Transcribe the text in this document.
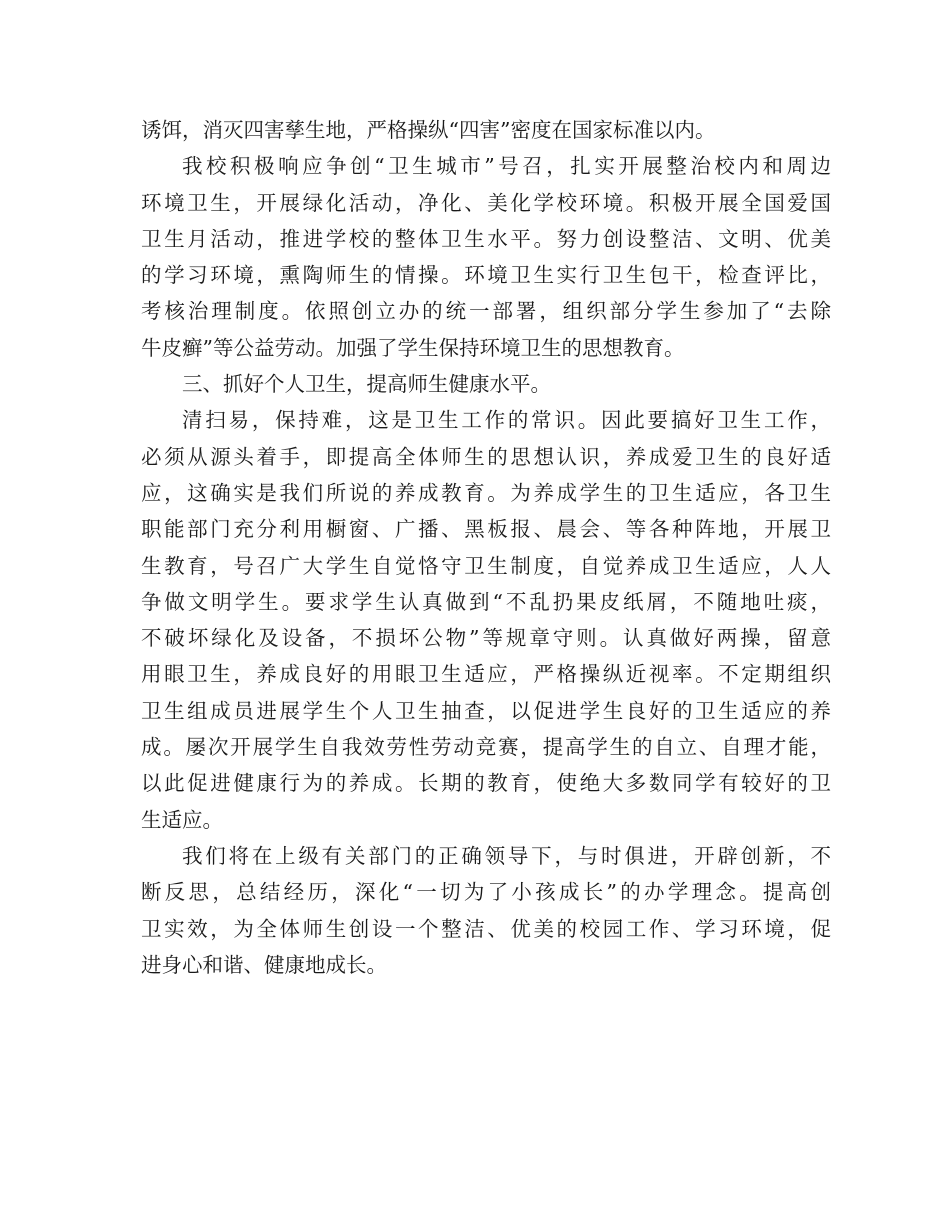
诱饵，消灭四害孳生地，严格操纵“四害”密度在国家标准以内。
我校积极响应争创“卫生城市”号召，扎实开展整治校内和周边
环境卫生，开展绿化活动，净化、美化学校环境。积极开展全国爱国
卫生月活动，推进学校的整体卫生水平。努力创设整洁、文明、优美
的学习环境，熏陶师生的情操。环境卫生实行卫生包干，检查评比，
考核治理制度。依照创立办的统一部署，组织部分学生参加了“去除
牛皮癣”等公益劳动。加强了学生保持环境卫生的思想教育。
三、抓好个人卫生，提高师生健康水平。
清扫易，保持难，这是卫生工作的常识。因此要搞好卫生工作，
必须从源头着手，即提高全体师生的思想认识，养成爱卫生的良好适
应，这确实是我们所说的养成教育。为养成学生的卫生适应，各卫生
职能部门充分利用橱窗、广播、黑板报、晨会、等各种阵地，开展卫
生教育，号召广大学生自觉恪守卫生制度，自觉养成卫生适应，人人
争做文明学生。要求学生认真做到“不乱扔果皮纸屑，不随地吐痰，
不破坏绿化及设备，不损坏公物”等规章守则。认真做好两操，留意
用眼卫生，养成良好的用眼卫生适应，严格操纵近视率。不定期组织
卫生组成员进展学生个人卫生抽查，以促进学生良好的卫生适应的养
成。屡次开展学生自我效劳性劳动竞赛，提高学生的自立、自理才能，
以此促进健康行为的养成。长期的教育，使绝大多数同学有较好的卫
生适应。
我们将在上级有关部门的正确领导下，与时俱进，开辟创新，不
断反思，总结经历，深化“一切为了小孩成长”的办学理念。提高创
卫实效，为全体师生创设一个整洁、优美的校园工作、学习环境，促
进身心和谐、健康地成长。
